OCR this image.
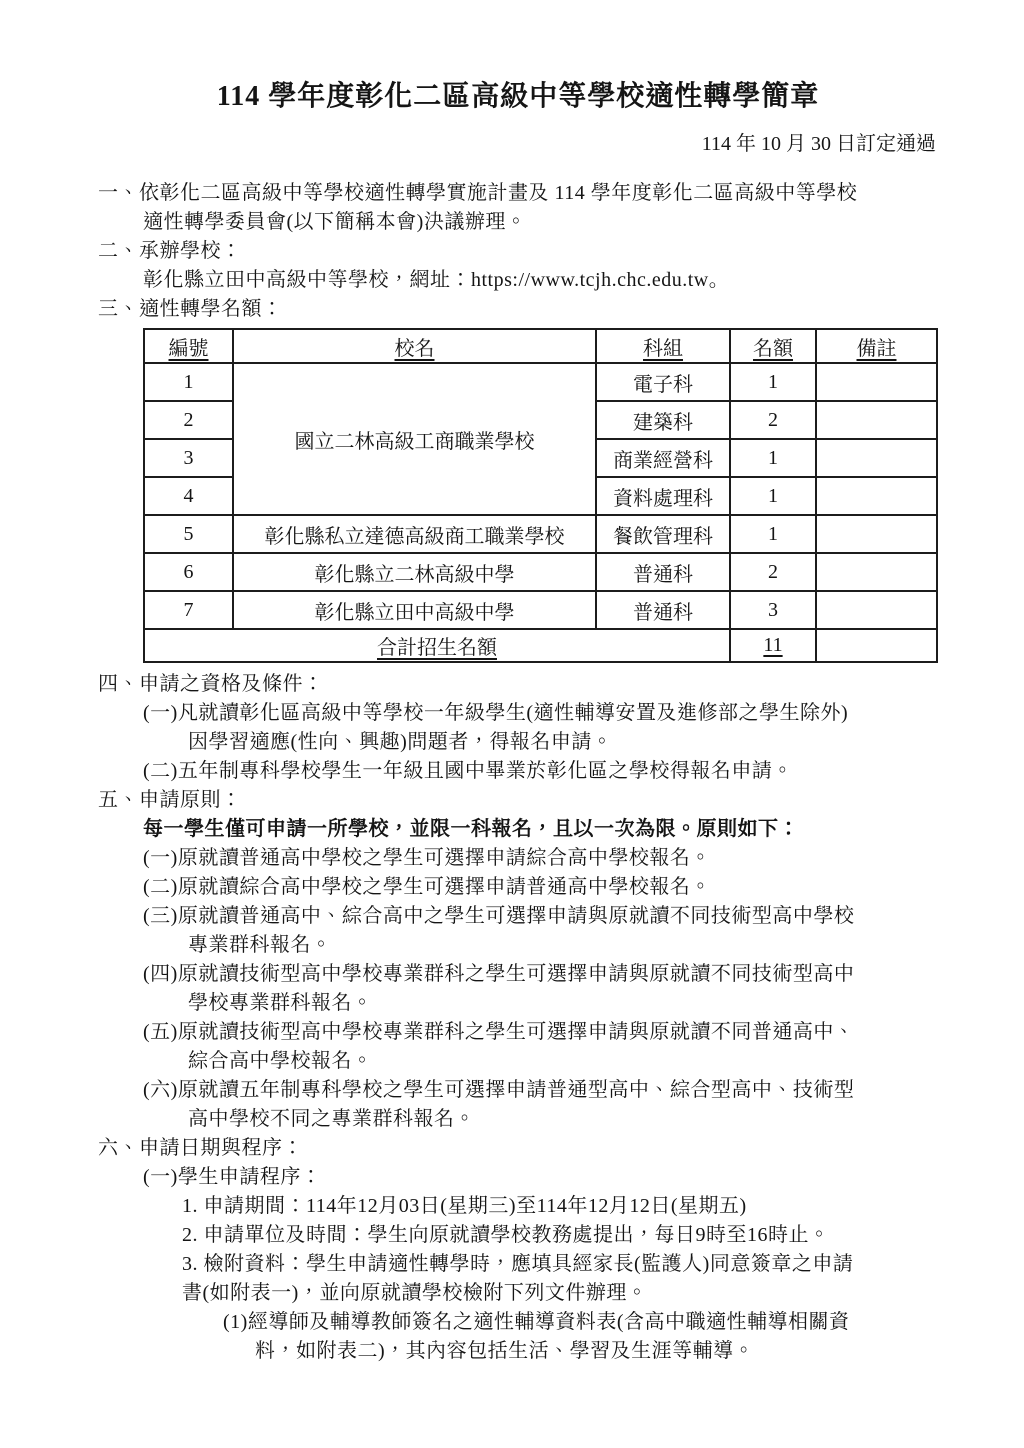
114 學年度彰化二區高級中等學校適性轉學簡章
114 年 10 月 30 日訂定通過
一、依彰化二區高級中等學校適性轉學實施計畫及 114 學年度彰化二區高級中等學校
適性轉學委員會(以下簡稱本會)決議辦理。
二、承辦學校：
彰化縣立田中高級中等學校，網址：https://www.tcjh.chc.edu.tw。
三、適性轉學名額：
編號	校名	科組	名額	備註
1	國立二林高級工商職業學校	電子科	1	
2		建築科	2	
3		商業經營科	1	
4		資料處理科	1	
5	彰化縣私立達德高級商工職業學校	餐飲管理科	1	
6	彰化縣立二林高級中學	普通科	2	
7	彰化縣立田中高級中學	普通科	3	
合計招生名額			11	
四、申請之資格及條件：
(一)凡就讀彰化區高級中等學校一年級學生(適性輔導安置及進修部之學生除外)
因學習適應(性向、興趣)問題者，得報名申請。
(二)五年制專科學校學生一年級且國中畢業於彰化區之學校得報名申請。
五、申請原則：
每一學生僅可申請一所學校，並限一科報名，且以一次為限。原則如下：
(一)原就讀普通高中學校之學生可選擇申請綜合高中學校報名。
(二)原就讀綜合高中學校之學生可選擇申請普通高中學校報名。
(三)原就讀普通高中、綜合高中之學生可選擇申請與原就讀不同技術型高中學校
專業群科報名。
(四)原就讀技術型高中學校專業群科之學生可選擇申請與原就讀不同技術型高中
學校專業群科報名。
(五)原就讀技術型高中學校專業群科之學生可選擇申請與原就讀不同普通高中、
綜合高中學校報名。
(六)原就讀五年制專科學校之學生可選擇申請普通型高中、綜合型高中、技術型
高中學校不同之專業群科報名。
六、申請日期與程序：
(一)學生申請程序：
1. 申請期間：114年12月03日(星期三)至114年12月12日(星期五)
2. 申請單位及時間：學生向原就讀學校教務處提出，每日9時至16時止。
3. 檢附資料：學生申請適性轉學時，應填具經家長(監護人)同意簽章之申請
書(如附表一)，並向原就讀學校檢附下列文件辦理。
(1)經導師及輔導教師簽名之適性輔導資料表(含高中職適性輔導相關資
料，如附表二)，其內容包括生活、學習及生涯等輔導。
